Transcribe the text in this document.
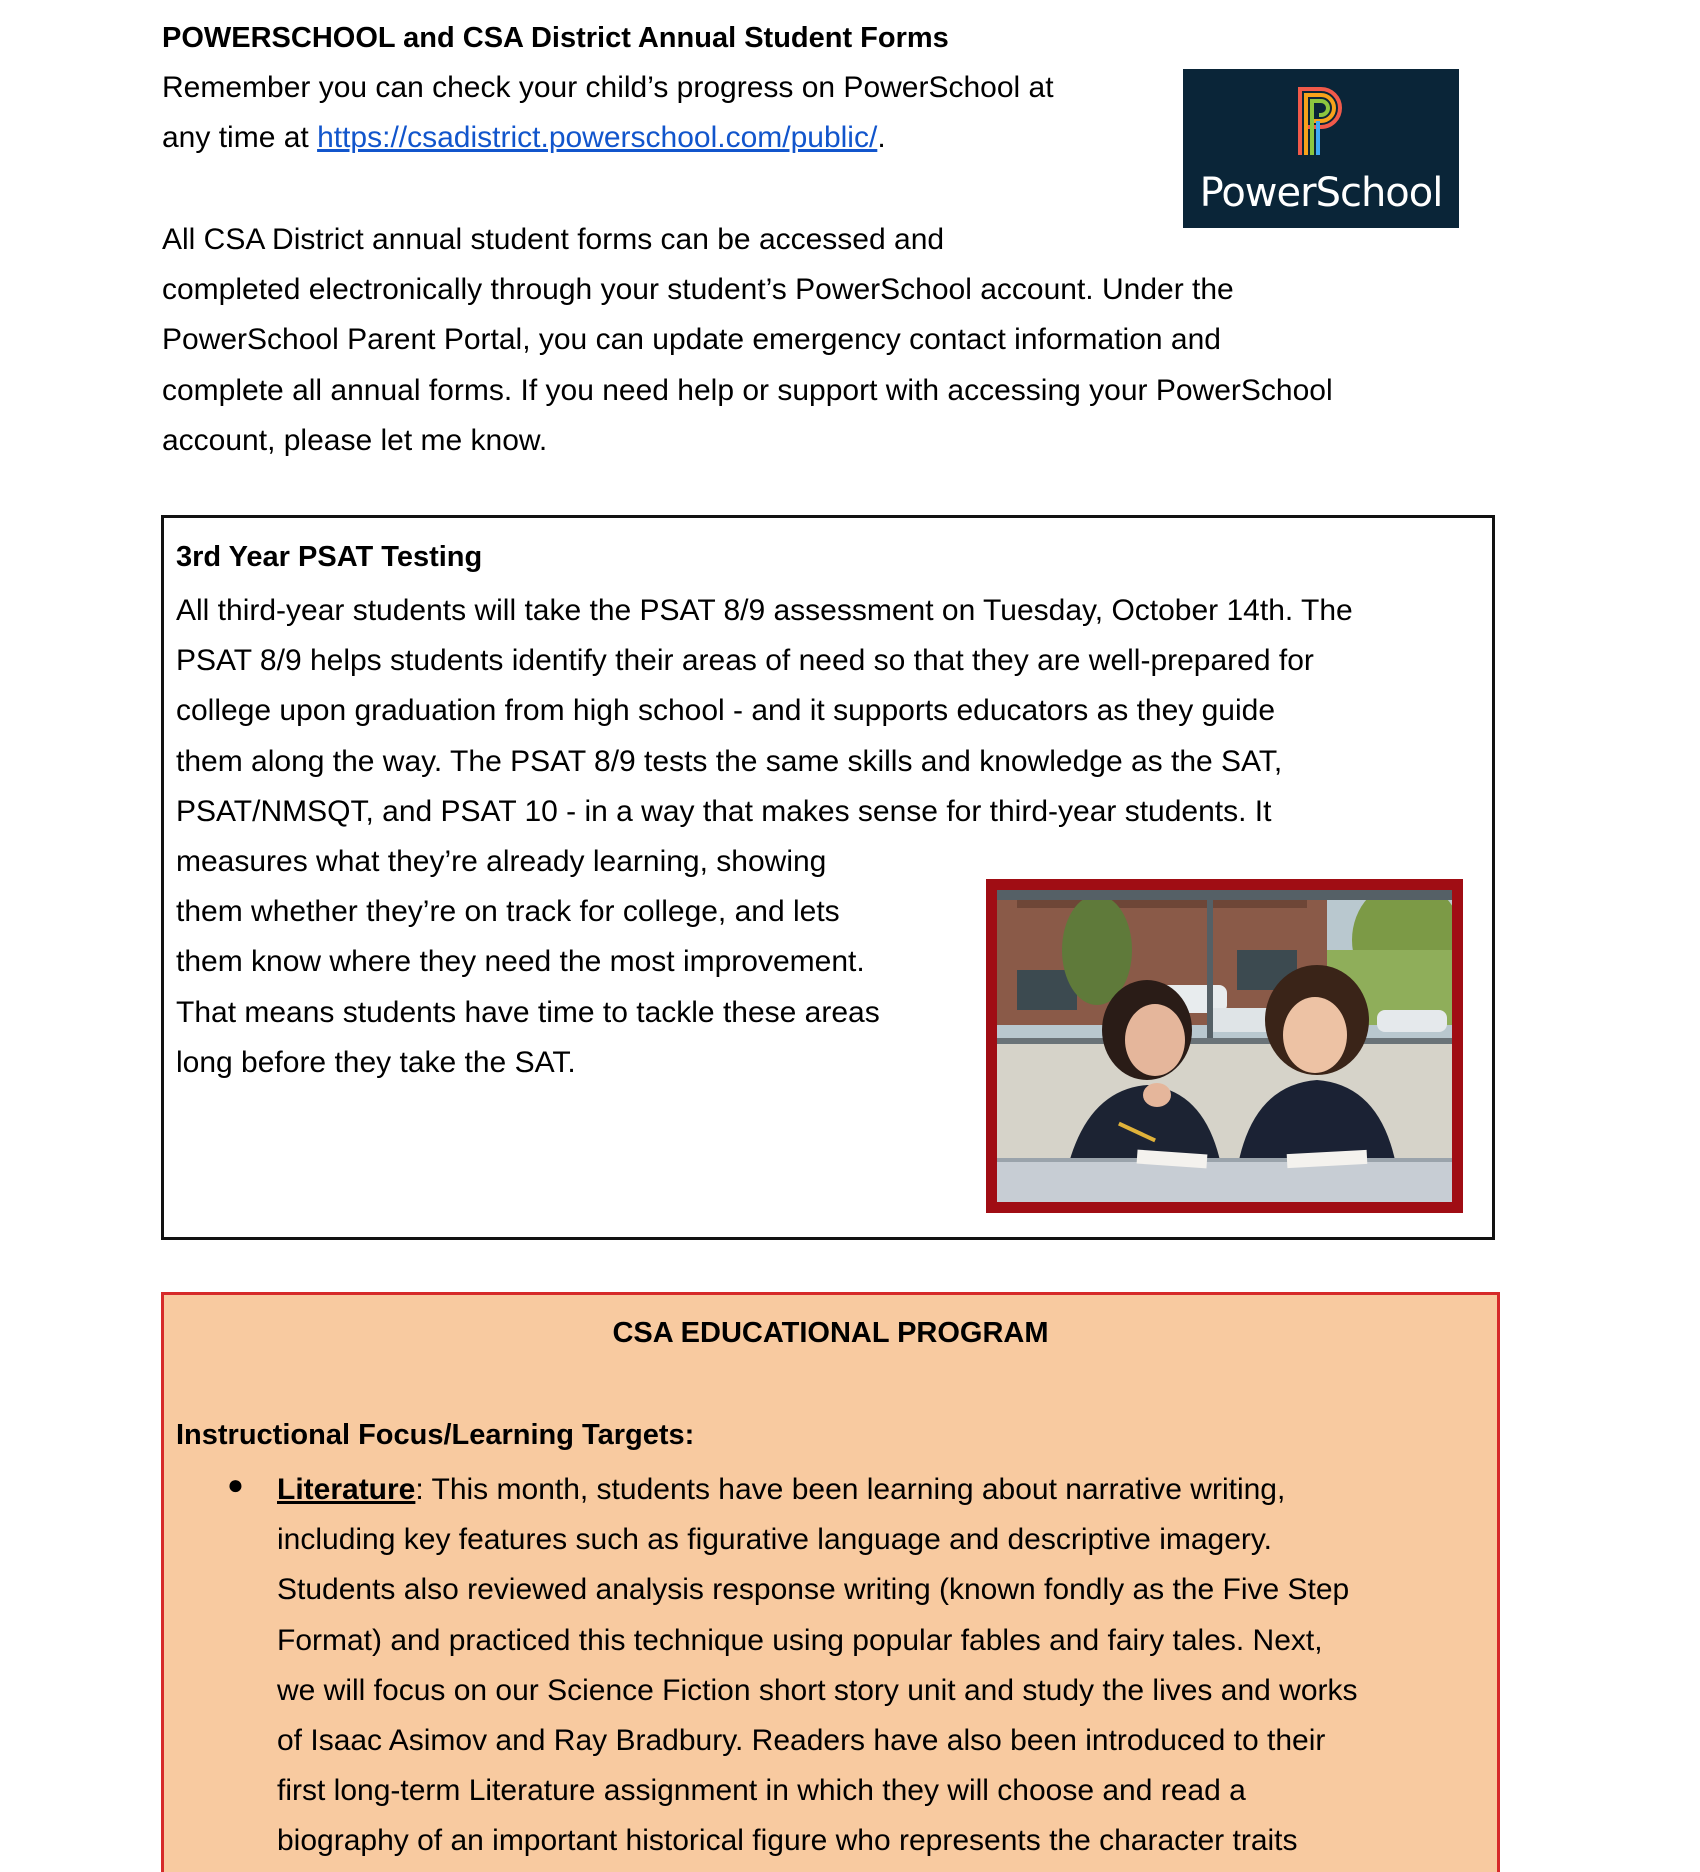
POWERSCHOOL and CSA District Annual Student Forms
Remember you can check your child’s progress on PowerSchool at
any time at https://csadistrict.powerschool.com/public/.
PowerSchool
All CSA District annual student forms can be accessed and
completed electronically through your student’s PowerSchool account. Under the
PowerSchool Parent Portal, you can update emergency contact information and
complete all annual forms. If you need help or support with accessing your PowerSchool
account, please let me know.
3rd Year PSAT Testing
All third-year students will take the PSAT 8/9 assessment on Tuesday, October 14th. The
PSAT 8/9 helps students identify their areas of need so that they are well-prepared for
college upon graduation from high school - and it supports educators as they guide
them along the way. The PSAT 8/9 tests the same skills and knowledge as the SAT,
PSAT/NMSQT, and PSAT 10 - in a way that makes sense for third-year students. It
measures what they’re already learning, showing
them whether they’re on track for college, and lets
them know where they need the most improvement.
That means students have time to tackle these areas
long before they take the SAT.
CSA EDUCATIONAL PROGRAM
Instructional Focus/Learning Targets:
● Literature: This month, students have been learning about narrative writing,
including key features such as figurative language and descriptive imagery.
Students also reviewed analysis response writing (known fondly as the Five Step
Format) and practiced this technique using popular fables and fairy tales. Next,
we will focus on our Science Fiction short story unit and study the lives and works
of Isaac Asimov and Ray Bradbury. Readers have also been introduced to their
first long-term Literature assignment in which they will choose and read a
biography of an important historical figure who represents the character traits
